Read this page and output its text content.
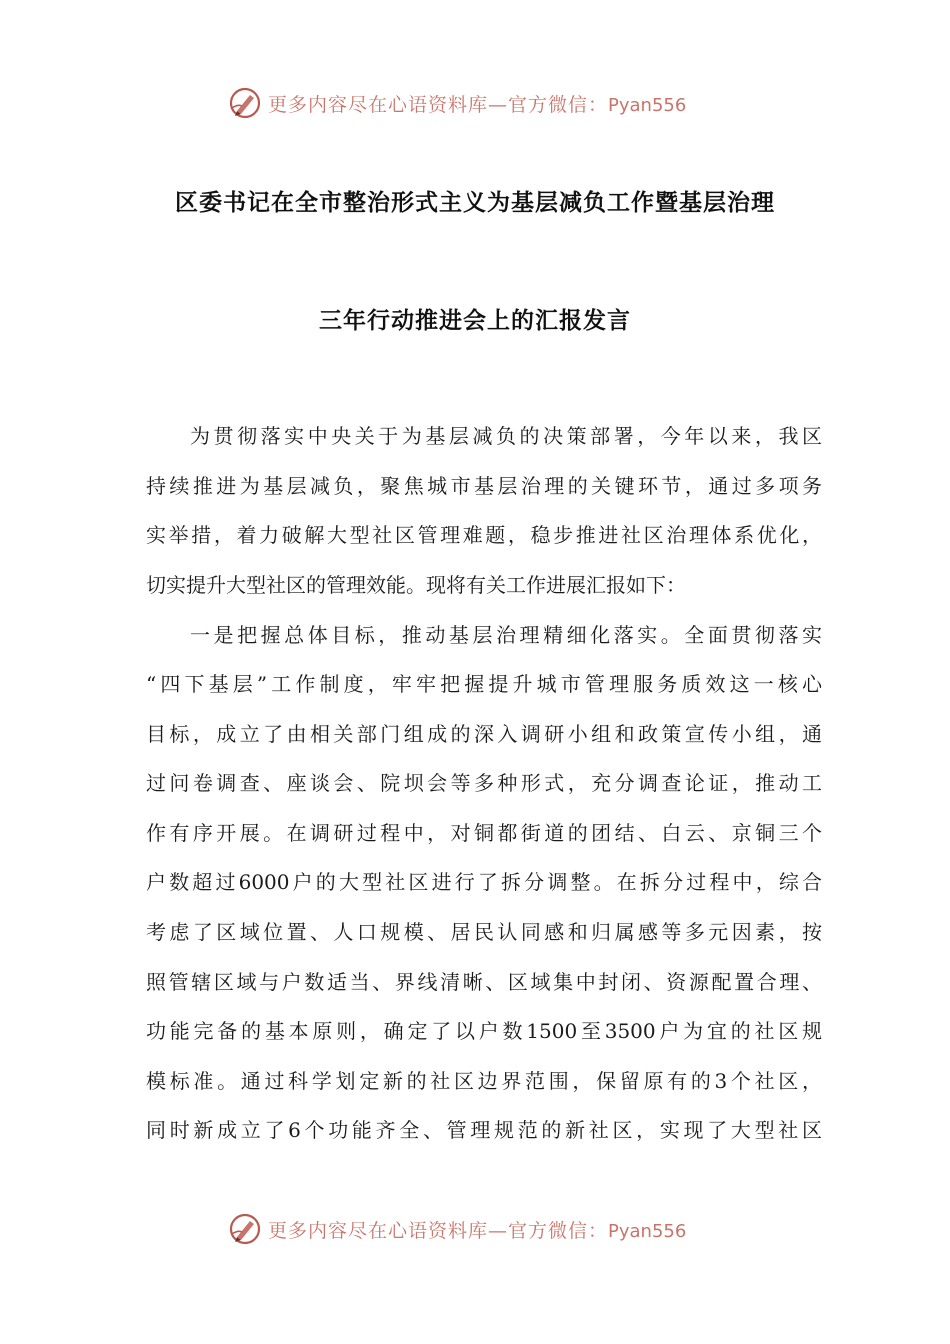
更多内容尽在心语资料库—官方微信：Pyan556
区委书记在全市整治形式主义为基层减负工作暨基层治理
三年行动推进会上的汇报发言
为贯彻落实中央关于为基层减负的决策部署，今年以来，我区
持续推进为基层减负，聚焦城市基层治理的关键环节，通过多项务
实举措，着力破解大型社区管理难题，稳步推进社区治理体系优化，
切实提升大型社区的管理效能。现将有关工作进展汇报如下：
一是把握总体目标，推动基层治理精细化落实。全面贯彻落实
“四下基层”工作制度，牢牢把握提升城市管理服务质效这一核心
目标，成立了由相关部门组成的深入调研小组和政策宣传小组，通
过问卷调查、座谈会、院坝会等多种形式，充分调查论证，推动工
作有序开展。在调研过程中，对铜都街道的团结、白云、京铜三个
户数超过6000户的大型社区进行了拆分调整。在拆分过程中，综合
考虑了区域位置、人口规模、居民认同感和归属感等多元因素，按
照管辖区域与户数适当、界线清晰、区域集中封闭、资源配置合理、
功能完备的基本原则，确定了以户数1500至3500户为宜的社区规
模标准。通过科学划定新的社区边界范围，保留原有的3个社区，
同时新成立了6个功能齐全、管理规范的新社区，实现了大型社区
更多内容尽在心语资料库—官方微信：Pyan556
